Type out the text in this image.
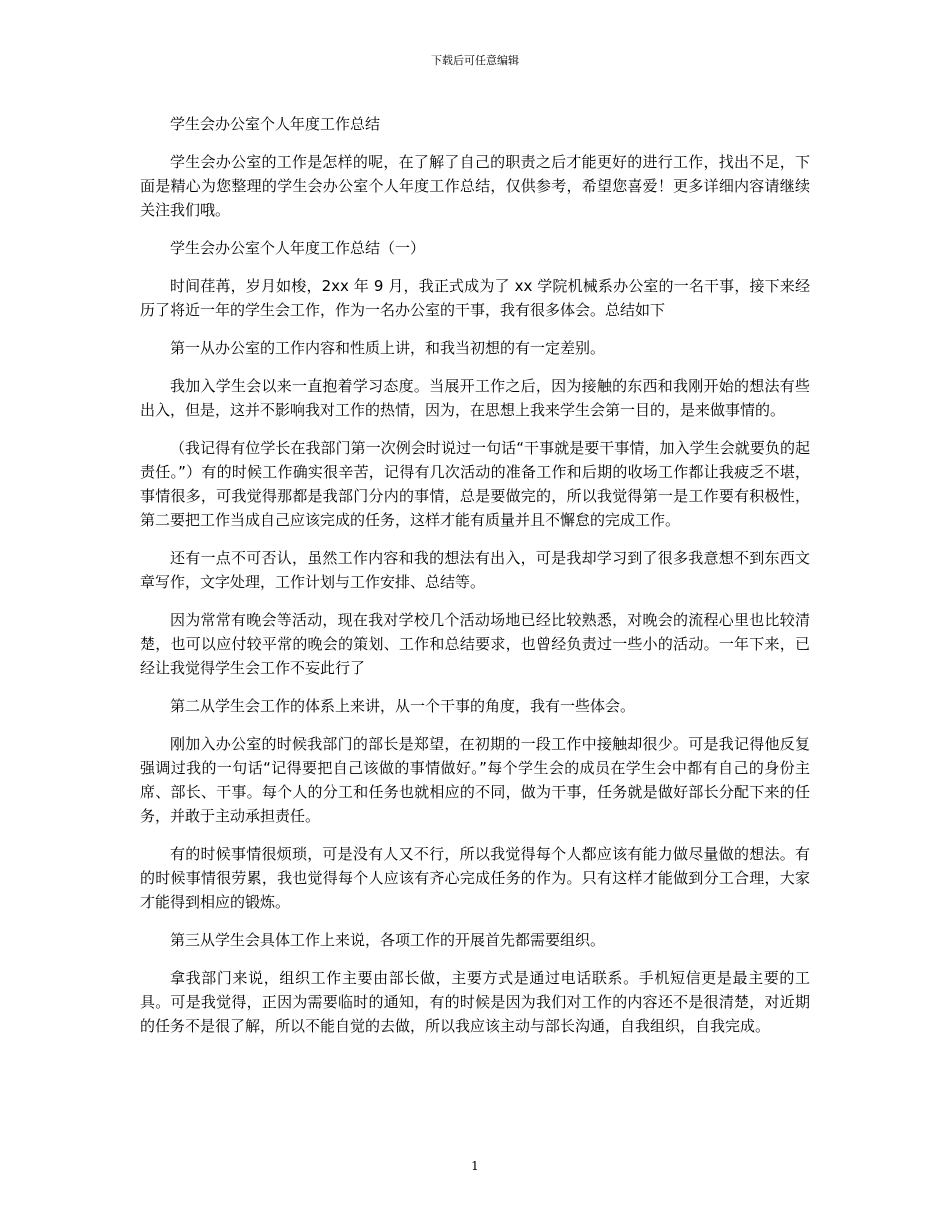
下载后可任意编辑

学生会办公室个人年度工作总结

学生会办公室的工作是怎样的呢，在了解了自己的职责之后才能更好的进行工作，找出不足，下面是精心为您整理的学生会办公室个人年度工作总结，仅供参考，希望您喜爱！更多详细内容请继续关注我们哦。

学生会办公室个人年度工作总结（一）

时间荏苒，岁月如梭，2xx 年 9 月，我正式成为了 xx 学院机械系办公室的一名干事，接下来经历了将近一年的学生会工作，作为一名办公室的干事，我有很多体会。总结如下

第一从办公室的工作内容和性质上讲，和我当初想的有一定差别。

我加入学生会以来一直抱着学习态度。当展开工作之后，因为接触的东西和我刚开始的想法有些出入，但是，这并不影响我对工作的热情，因为，在思想上我来学生会第一目的，是来做事情的。

（我记得有位学长在我部门第一次例会时说过一句话“干事就是要干事情，加入学生会就要负的起责任。”）有的时候工作确实很辛苦，记得有几次活动的准备工作和后期的收场工作都让我疲乏不堪，事情很多，可我觉得那都是我部门分内的事情，总是要做完的，所以我觉得第一是工作要有积极性，第二要把工作当成自己应该完成的任务，这样才能有质量并且不懈怠的完成工作。

还有一点不可否认，虽然工作内容和我的想法有出入，可是我却学习到了很多我意想不到东西文章写作，文字处理，工作计划与工作安排、总结等。

因为常常有晚会等活动，现在我对学校几个活动场地已经比较熟悉，对晚会的流程心里也比较清楚，也可以应付较平常的晚会的策划、工作和总结要求，也曾经负责过一些小的活动。一年下来，已经让我觉得学生会工作不妄此行了

第二从学生会工作的体系上来讲，从一个干事的角度，我有一些体会。

刚加入办公室的时候我部门的部长是郑望，在初期的一段工作中接触却很少。可是我记得他反复强调过我的一句话“记得要把自己该做的事情做好。”每个学生会的成员在学生会中都有自己的身份主席、部长、干事。每个人的分工和任务也就相应的不同，做为干事，任务就是做好部长分配下来的任务，并敢于主动承担责任。

有的时候事情很烦琐，可是没有人又不行，所以我觉得每个人都应该有能力做尽量做的想法。有的时候事情很劳累，我也觉得每个人应该有齐心完成任务的作为。只有这样才能做到分工合理，大家才能得到相应的锻炼。

第三从学生会具体工作上来说，各项工作的开展首先都需要组织。

拿我部门来说，组织工作主要由部长做，主要方式是通过电话联系。手机短信更是最主要的工具。可是我觉得，正因为需要临时的通知，有的时候是因为我们对工作的内容还不是很清楚，对近期的任务不是很了解，所以不能自觉的去做，所以我应该主动与部长沟通，自我组织，自我完成。

1
